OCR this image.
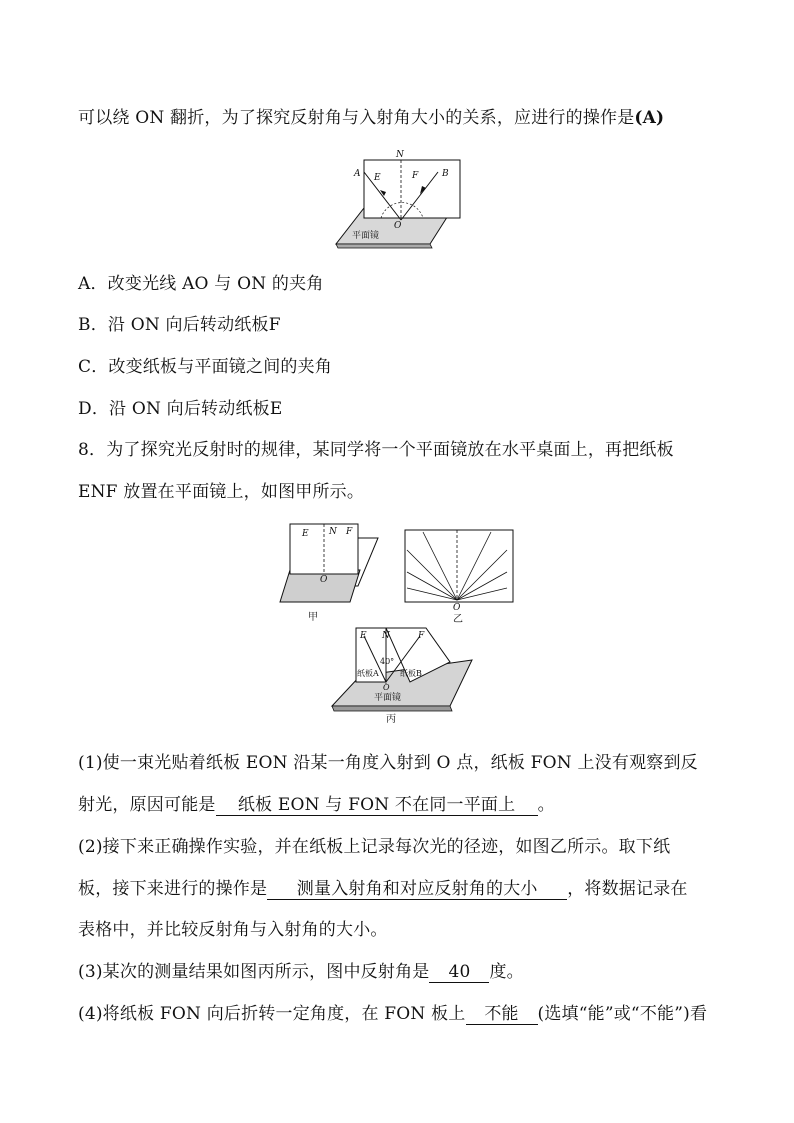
可以绕 ON 翻折，为了探究反射角与入射角大小的关系，应进行的操作是(A)
N
A	B
E	F
O
平面镜
A．改变光线 AO 与 ON 的夹角
B．沿 ON 向后转动纸板F
C．改变纸板与平面镜之间的夹角
D．沿 ON 向后转动纸板E
8．为了探究光反射时的规律，某同学将一个平面镜放在水平桌面上，再把纸板
ENF 放置在平面镜上，如图甲所示。
E N F
O
甲
O
乙
E N	F
40°
纸板A	纸板B
O
平面镜
丙
(1)使一束光贴着纸板 EON 沿某一角度入射到 O 点，纸板 FON 上没有观察到反
射光，原因可能是 纸板 EON 与 FON 不在同一平面上 。
(2)接下来正确操作实验，并在纸板上记录每次光的径迹，如图乙所示。取下纸
板，接下来进行的操作是 测量入射角和对应反射角的大小 ，将数据记录在
表格中，并比较反射角与入射角的大小。
(3)某次的测量结果如图丙所示，图中反射角是 40 度。
(4)将纸板 FON 向后折转一定角度，在 FON 板上 不能 (选填“能”或“不能”)看
